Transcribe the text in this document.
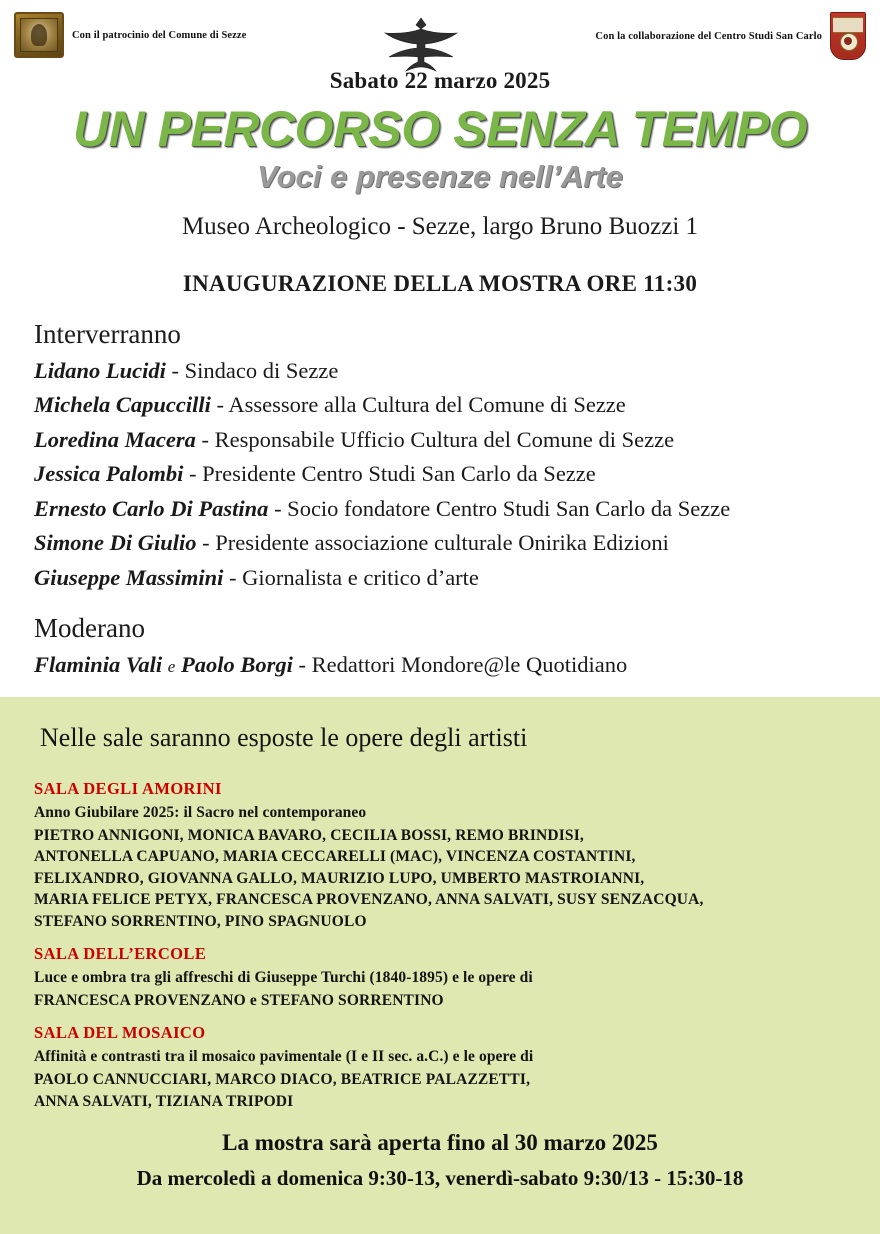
Con il patrocinio del Comune di Sezze	Con la collaborazione del Centro Studi San Carlo
Sabato 22 marzo 2025
UN PERCORSO SENZA TEMPO
Voci e presenze nell’Arte
Museo Archeologico - Sezze, largo Bruno Buozzi 1
INAUGURAZIONE DELLA MOSTRA ORE 11:30
Interverranno
Lidano Lucidi - Sindaco di Sezze
Michela Capuccilli - Assessore alla Cultura del Comune di Sezze
Loredina Macera - Responsabile Ufficio Cultura del Comune di Sezze
Jessica Palombi - Presidente Centro Studi San Carlo da Sezze
Ernesto Carlo Di Pastina - Socio fondatore Centro Studi San Carlo da Sezze
Simone Di Giulio - Presidente associazione culturale Onirika Edizioni
Giuseppe Massimini - Giornalista e critico d’arte
Moderano
Flaminia Vali e Paolo Borgi - Redattori Mondore@le Quotidiano
Nelle sale saranno esposte le opere degli artisti
SALA DEGLI AMORINI
Anno Giubilare 2025: il Sacro nel contemporaneo
PIETRO ANNIGONI, MONICA BAVARO, CECILIA BOSSI, REMO BRINDISI,
ANTONELLA CAPUANO, MARIA CECCARELLI (MAC), VINCENZA COSTANTINI,
FELIXANDRO, GIOVANNA GALLO, MAURIZIO LUPO, UMBERTO MASTROIANNI,
MARIA FELICE PETYX, FRANCESCA PROVENZANO, ANNA SALVATI, SUSY SENZACQUA,
STEFANO SORRENTINO, PINO SPAGNUOLO
SALA DELL’ERCOLE
Luce e ombra tra gli affreschi di Giuseppe Turchi (1840-1895) e le opere di
FRANCESCA PROVENZANO e STEFANO SORRENTINO
SALA DEL MOSAICO
Affinità e contrasti tra il mosaico pavimentale (I e II sec. a.C.) e le opere di
PAOLO CANNUCCIARI, MARCO DIACO, BEATRICE PALAZZETTI,
ANNA SALVATI, TIZIANA TRIPODI
La mostra sarà aperta fino al 30 marzo 2025
Da mercoledì a domenica 9:30-13, venerdì-sabato 9:30/13 - 15:30-18
